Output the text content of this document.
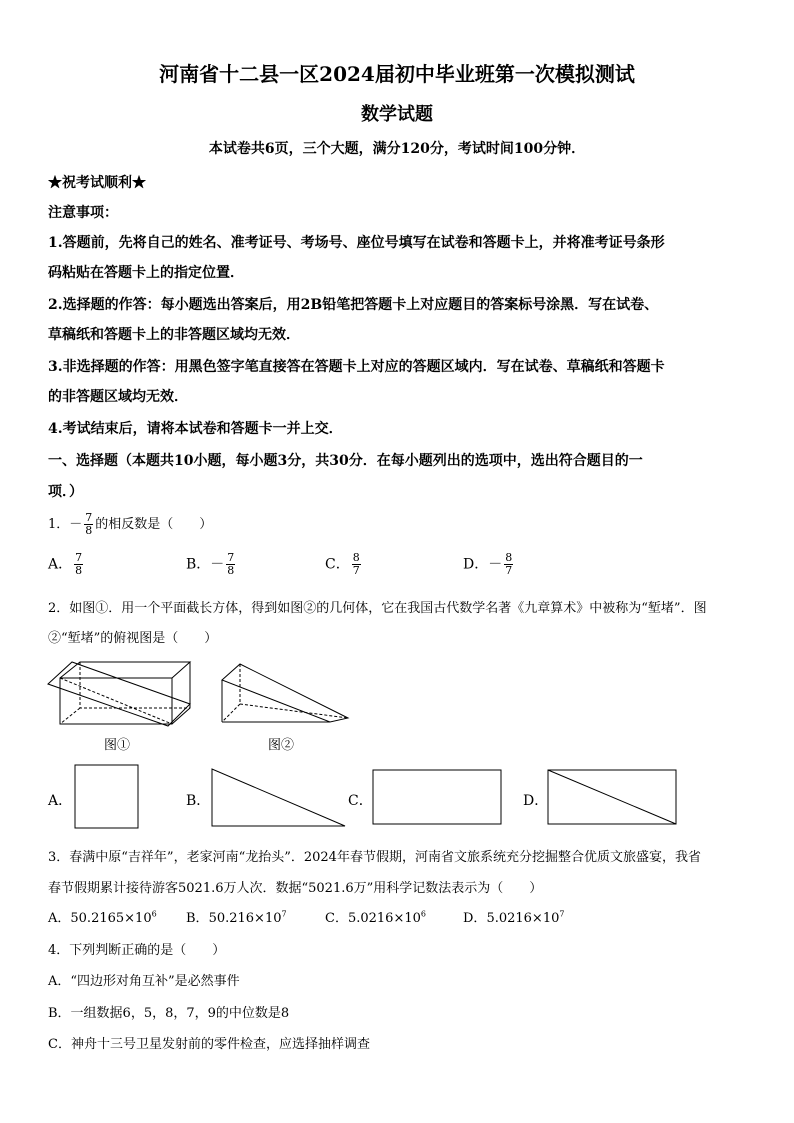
河南省十二县一区2024届初中毕业班第一次模拟测试
数学试题
本试卷共6页，三个大题，满分120分，考试时间100分钟．
★祝考试顺利★
注意事项：
1.答题前，先将自己的姓名、准考证号、考场号、座位号填写在试卷和答题卡上，并将准考证号条形
码粘贴在答题卡上的指定位置．
2.选择题的作答：每小题选出答案后，用2B铅笔把答题卡上对应题目的答案标号涂黑．写在试卷、
草稿纸和答题卡上的非答题区域均无效．
3.非选择题的作答：用黑色签字笔直接答在答题卡上对应的答题区域内．写在试卷、草稿纸和答题卡
的非答题区域均无效．
4.考试结束后，请将本试卷和答题卡一并上交．
一、选择题（本题共10小题，每小题3分，共30分．在每小题列出的选项中，选出符合题目的一
项．）
1．－ $\frac{7}{8}$ 的相反数是（　　）
A． $\frac{7}{8}$	B．－ $\frac{7}{8}$	C． $\frac{8}{7}$	D．－ $\frac{8}{7}$
2．如图①．用一个平面截长方体，得到如图②的几何体，它在我国古代数学名著《九章算术》中被称为“堑堵”．图
②“堑堵”的俯视图是（　　）
图①	图②
A．	B．	C．	D．
3．春满中原“吉祥年”，老家河南“龙抬头”．2024年春节假期，河南省文旅系统充分挖掘整合优质文旅盛宴，我省
春节假期累计接待游客5021.6万人次．数据“5021.6万”用科学记数法表示为（　　）
A．$50.2165\times 10^6$ B．$50.216\times 10^7$	C．$5.0216\times 10^6$	D．$5.0216\times 10^7$
4．下列判断正确的是（　　）
A．“四边形对角互补”是必然事件
B．一组数据6，5，8，7，9的中位数是8
C．神舟十三号卫星发射前的零件检查，应选择抽样调查
